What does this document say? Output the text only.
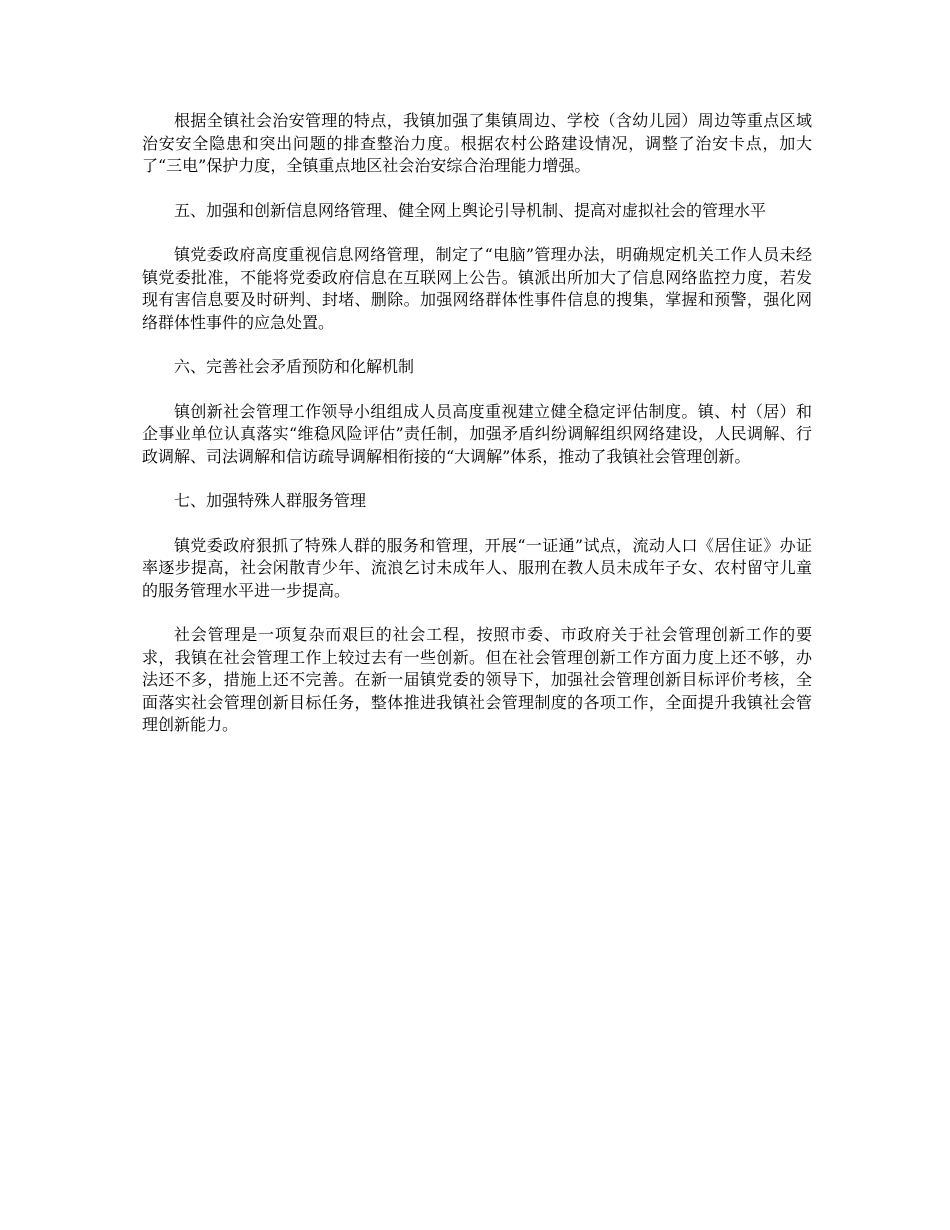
根据全镇社会治安管理的特点，我镇加强了集镇周边、学校（含幼儿园）周边等重点区域治安安全隐患和突出问题的排查整治力度。根据农村公路建设情况，调整了治安卡点，加大了“三电”保护力度，全镇重点地区社会治安综合治理能力增强。

五、加强和创新信息网络管理、健全网上舆论引导机制、提高对虚拟社会的管理水平

镇党委政府高度重视信息网络管理，制定了“电脑”管理办法，明确规定机关工作人员未经镇党委批准，不能将党委政府信息在互联网上公告。镇派出所加大了信息网络监控力度，若发现有害信息要及时研判、封堵、删除。加强网络群体性事件信息的搜集，掌握和预警，强化网络群体性事件的应急处置。

六、完善社会矛盾预防和化解机制

镇创新社会管理工作领导小组组成人员高度重视建立健全稳定评估制度。镇、村（居）和企事业单位认真落实“维稳风险评估”责任制，加强矛盾纠纷调解组织网络建设，人民调解、行政调解、司法调解和信访疏导调解相衔接的“大调解”体系，推动了我镇社会管理创新。

七、加强特殊人群服务管理

镇党委政府狠抓了特殊人群的服务和管理，开展“一证通”试点，流动人口《居住证》办证率逐步提高，社会闲散青少年、流浪乞讨未成年人、服刑在教人员未成年子女、农村留守儿童的服务管理水平进一步提高。

社会管理是一项复杂而艰巨的社会工程，按照市委、市政府关于社会管理创新工作的要求，我镇在社会管理工作上较过去有一些创新。但在社会管理创新工作方面力度上还不够，办法还不多，措施上还不完善。在新一届镇党委的领导下，加强社会管理创新目标评价考核，全面落实社会管理创新目标任务，整体推进我镇社会管理制度的各项工作，全面提升我镇社会管理创新能力。
